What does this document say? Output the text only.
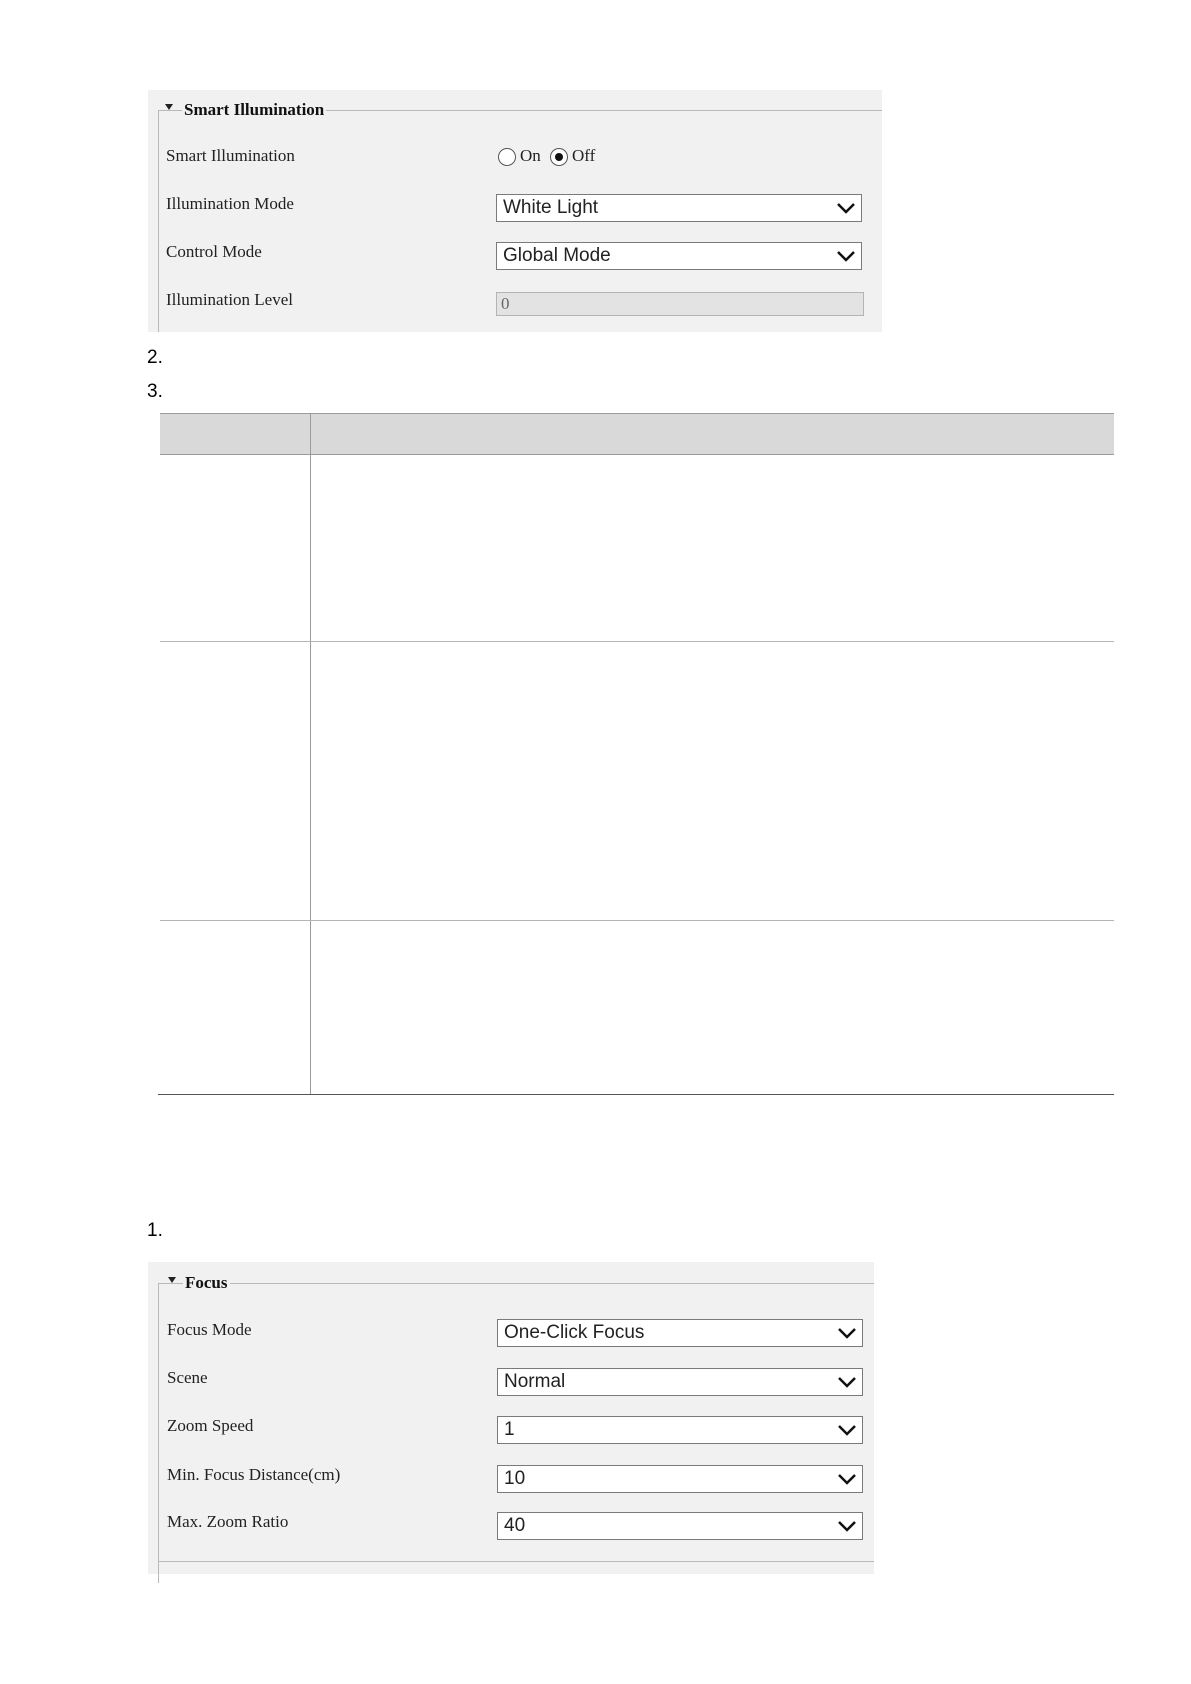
Smart Illumination
Smart Illumination	On Off
Illumination Mode	White Light
Control Mode	Global Mode
Illumination Level	0
2.
3.
1.
Focus
Focus Mode	One-Click Focus
Scene	Normal
Zoom Speed	1
Min. Focus Distance(cm)	10
Max. Zoom Ratio	40
